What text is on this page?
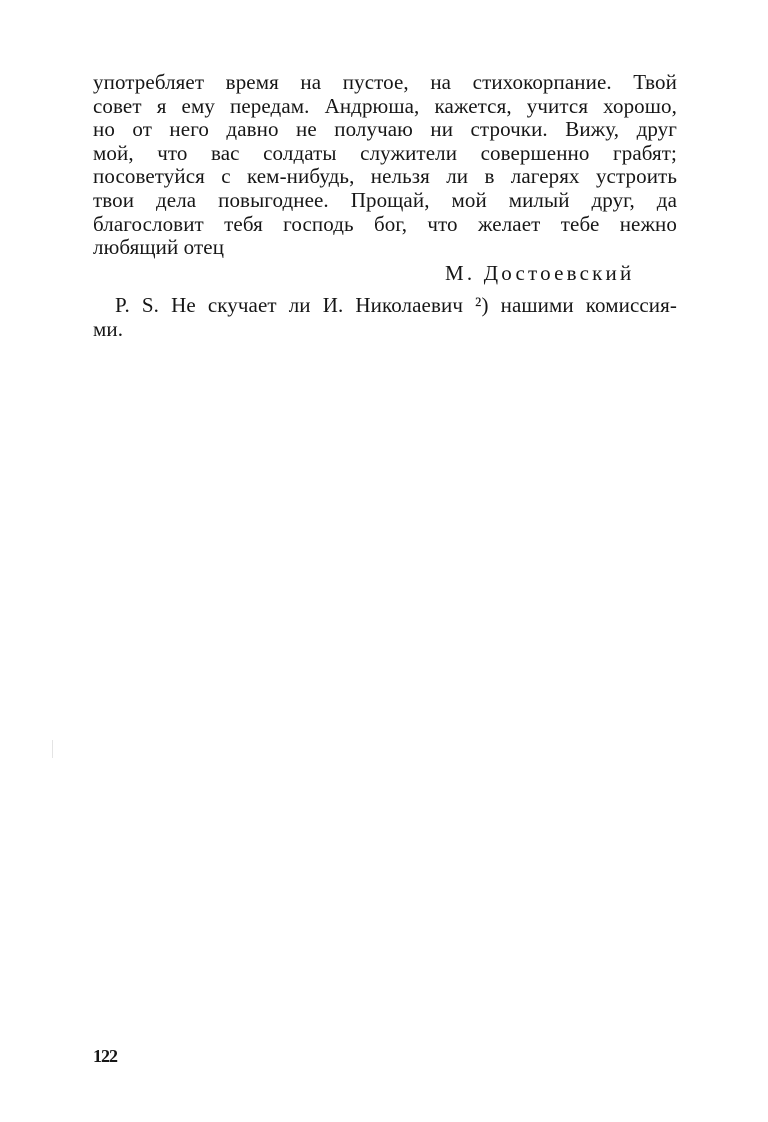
употребляет время на пустое, на стихокорпание. Твой
совет я ему передам. Андрюша, кажется, учится хорошо,
но от него давно не получаю ни строчки. Вижу, друг
мой, что вас солдаты служители совершенно грабят;
посоветуйся с кем-нибудь, нельзя ли в лагерях устроить
твои дела повыгоднее. Прощай, мой милый друг, да
благословит тебя господь бог, что желает тебе нежно
любящий отец
М. Достоевский
P. S. Не скучает ли И. Николаевич ²) нашими комиссия-
ми.
122
